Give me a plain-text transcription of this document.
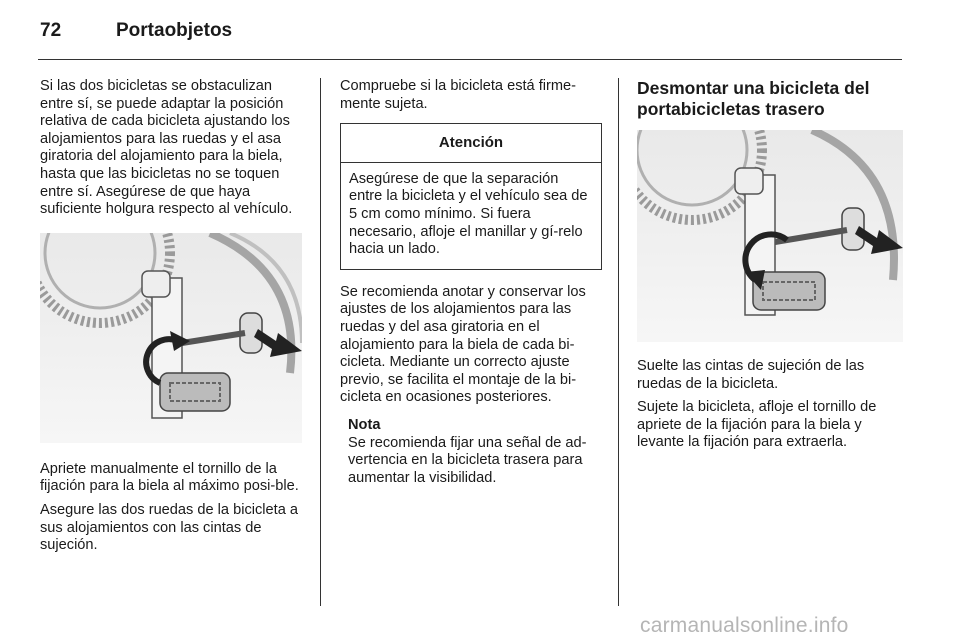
72	Portaobjetos

Si las dos bicicletas se obstaculizan entre sí, se puede adaptar la posición relativa de cada bicicleta ajustando los alojamientos para las ruedas y el asa giratoria del alojamiento para la biela, hasta que las bicicletas no se toquen entre sí. Asegúrese de que haya suficiente holgura respecto al vehículo.

Apriete manualmente el tornillo de la fijación para la biela al máximo posi-ble.

Asegure las dos ruedas de la bicicleta a sus alojamientos con las cintas de sujeción.

Compruebe si la bicicleta está firme-mente sujeta.

Atención
Asegúrese de que la separación entre la bicicleta y el vehículo sea de 5 cm como mínimo. Si fuera necesario, afloje el manillar y gí-relo hacia un lado.

Se recomienda anotar y conservar los ajustes de los alojamientos para las ruedas y del asa giratoria en el alojamiento para la biela de cada bi-cicleta. Mediante un correcto ajuste previo, se facilita el montaje de la bi-cicleta en ocasiones posteriores.

Nota
Se recomienda fijar una señal de ad-vertencia en la bicicleta trasera para aumentar la visibilidad.
Desmontar una bicicleta del portabicicletas trasero

Suelte las cintas de sujeción de las ruedas de la bicicleta.

Sujete la bicicleta, afloje el tornillo de apriete de la fijación para la biela y levante la fijación para extraerla.

carmanualsonline.info
